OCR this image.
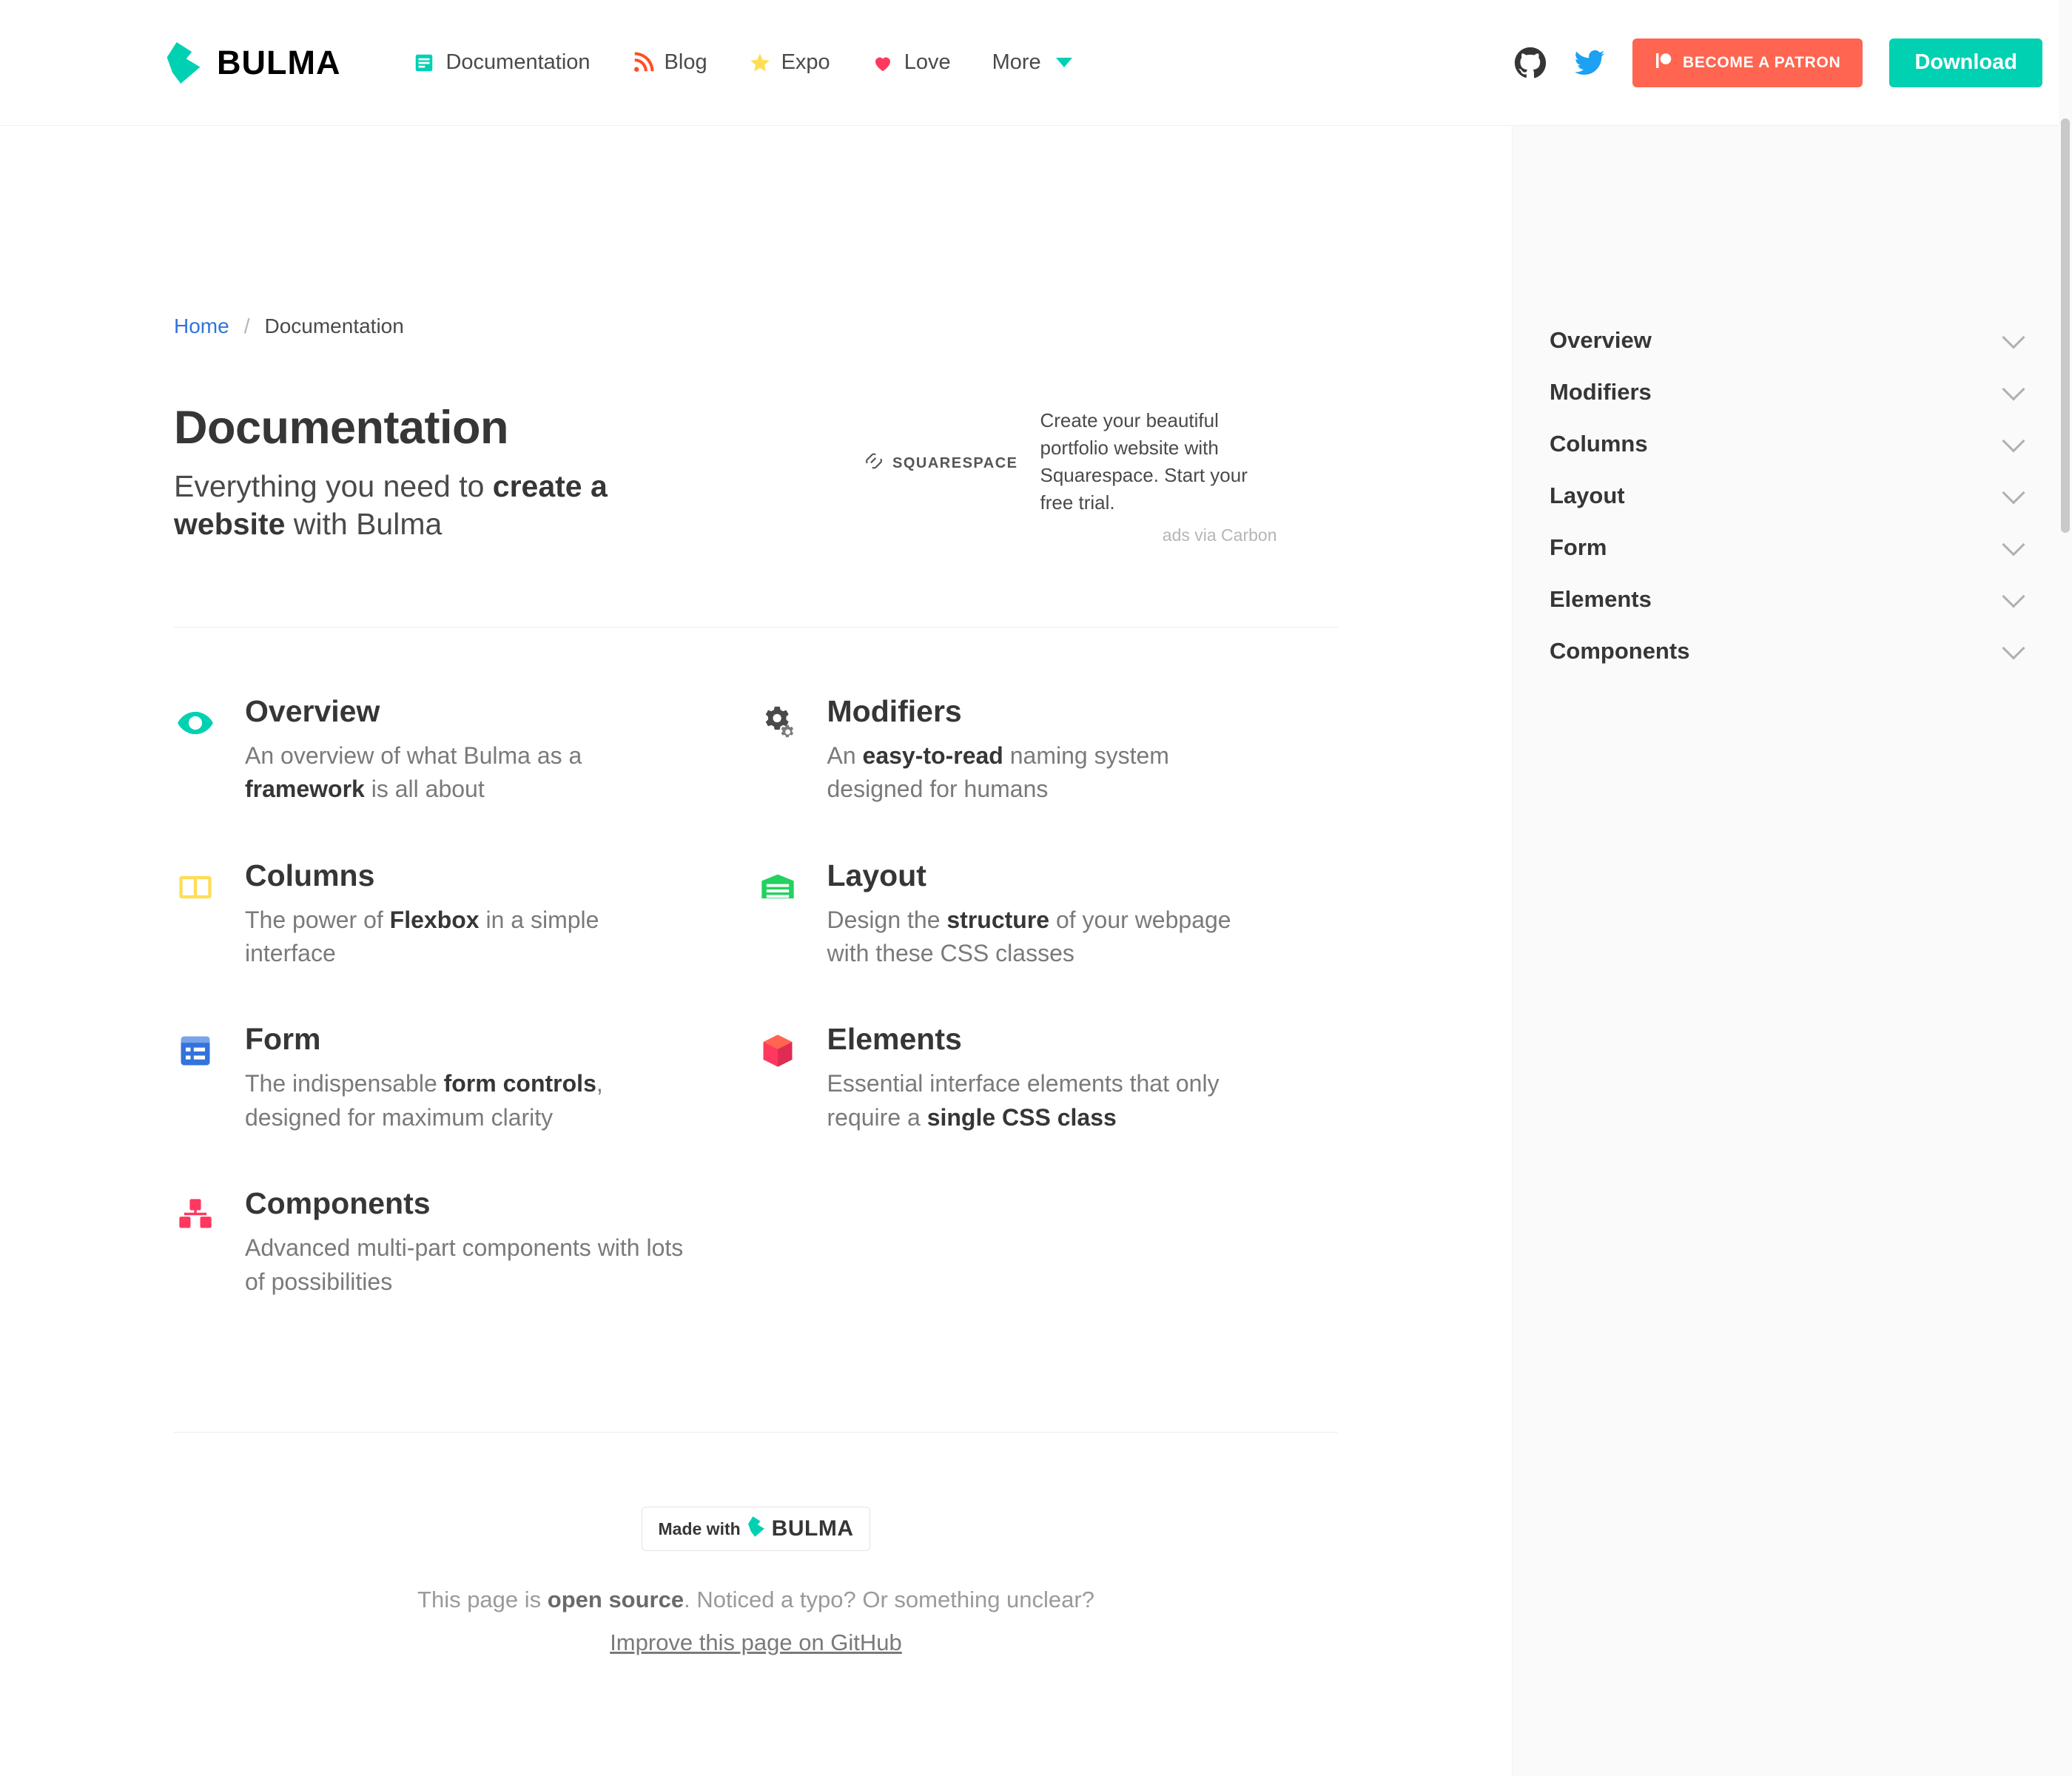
BULMA	Documentation	Blog	Expo	Love More	BECOME A PATRON	Download
Home / Documentation
Documentation
Everything you need to create a website with Bulma
SQUARESPACE
Create your beautiful portfolio website with Squarespace. Start your free trial.
ads via Carbon
Overview

An overview of what Bulma as a framework is all about

Modifiers

An easy-to-read naming system designed for humans

Columns

The power of Flexbox in a simple interface

Layout

Design the structure of your webpage with these CSS classes

Form

The indispensable form controls, designed for maximum clarity

Elements

Essential interface elements that only require a single CSS class

Components

Advanced multi-part components with lots of possibilities

Made with BULMA
This page is open source. Noticed a typo? Or something unclear?
Improve this page on GitHub
Overview
Modifiers
Columns
Layout
Form
Elements
Components
